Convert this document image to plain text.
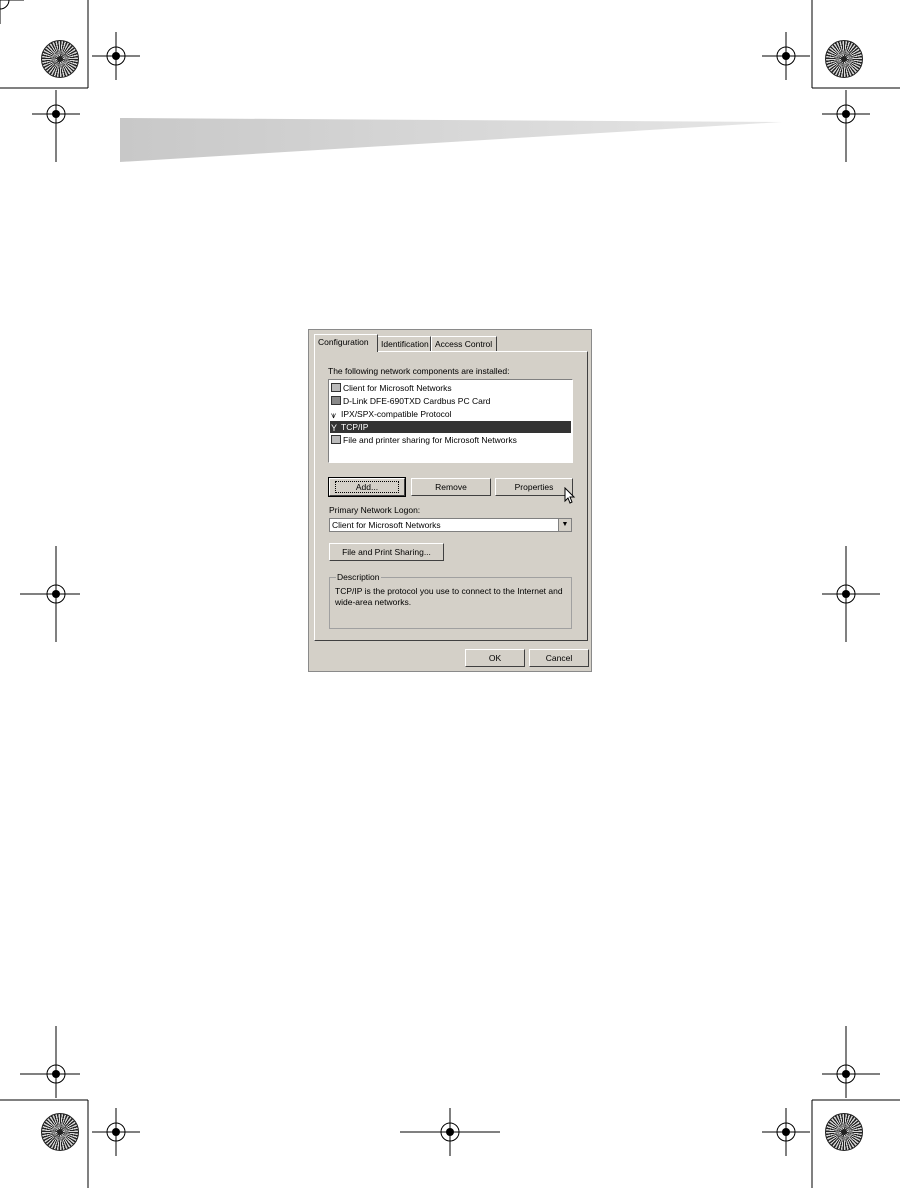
Configuration	Identification Access Control
The following network components are installed:
Client for Microsoft Networks
D-Link DFE-690TXD Cardbus PC Card
⩛ IPX/SPX-compatible Protocol
Y TCP/IP
File and printer sharing for Microsoft Networks
Add...	Remove	Properties
Primary Network Logon:
Client for Microsoft Networks	▼
File and Print Sharing...
Description
TCP/IP is the protocol you use to connect to the Internet and wide-area networks.
OK	Cancel
